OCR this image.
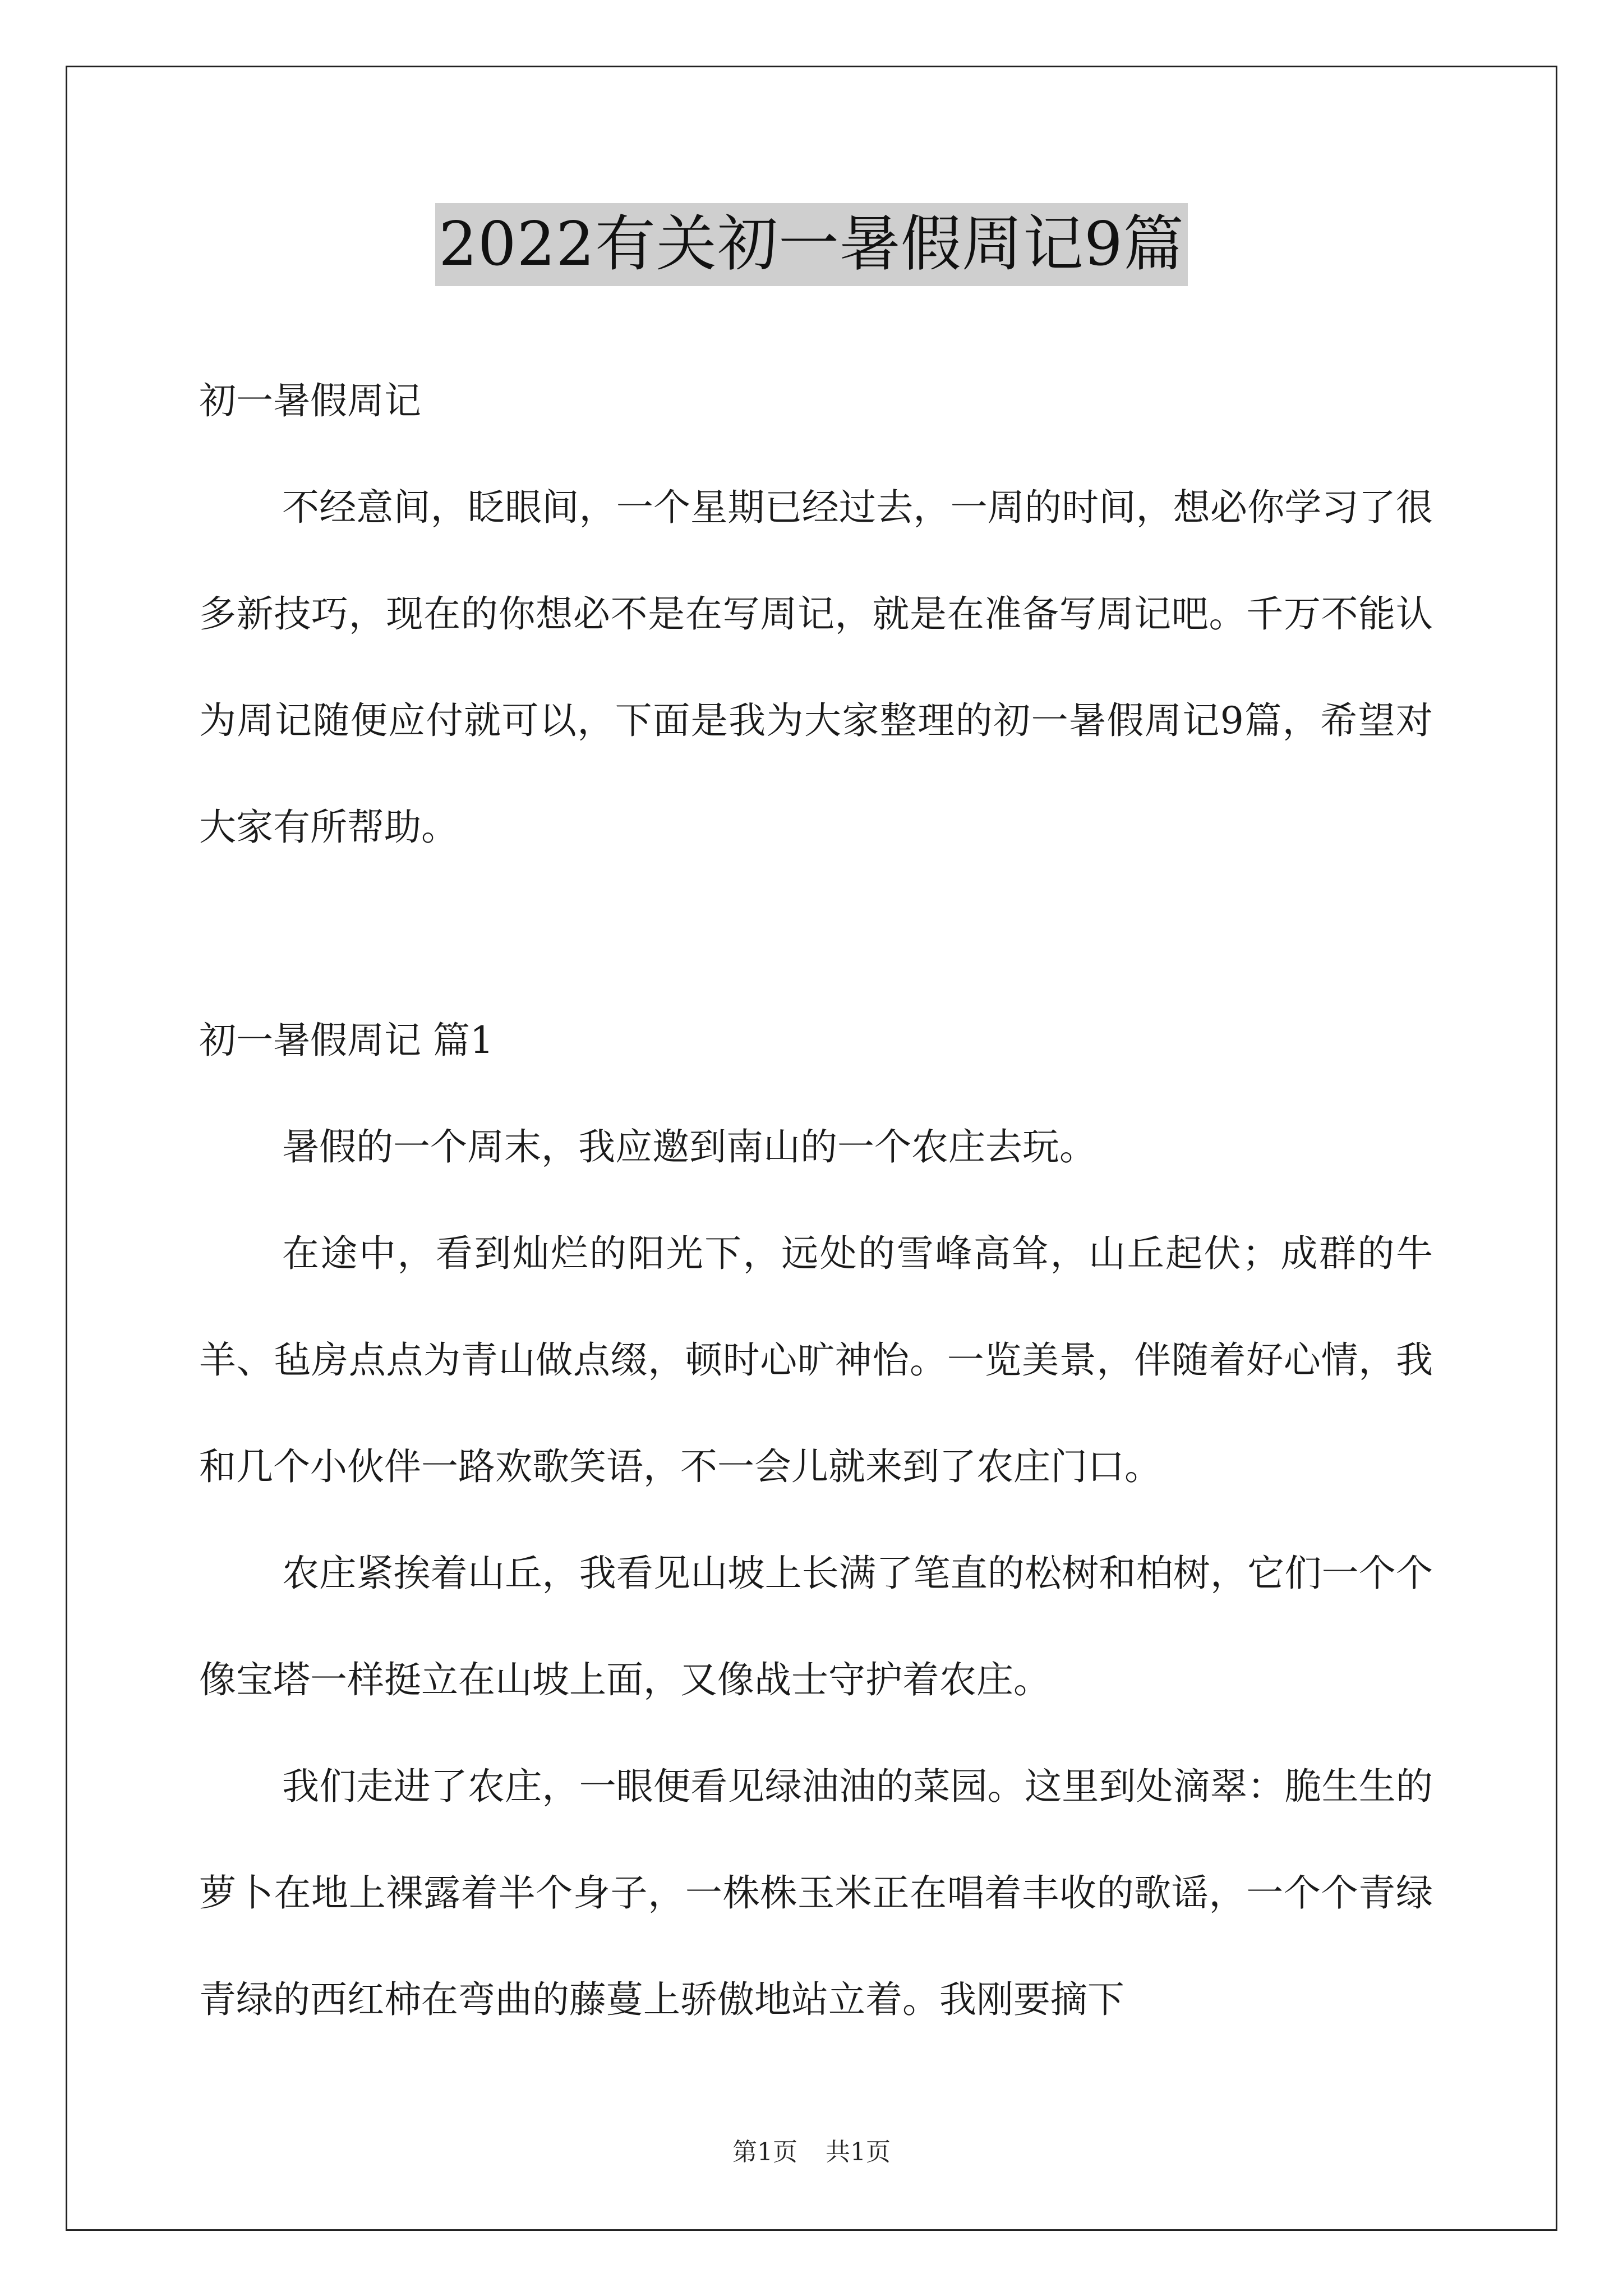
2022有关初一暑假周记9篇

初一暑假周记

不经意间，眨眼间，一个星期已经过去，一周的时间，想必你学习了很多新技巧，现在的你想必不是在写周记，就是在准备写周记吧。千万不能认为周记随便应付就可以，下面是我为大家整理的初一暑假周记9篇，希望对大家有所帮助。

初一暑假周记 篇1

暑假的一个周末，我应邀到南山的一个农庄去玩。

在途中，看到灿烂的阳光下，远处的雪峰高耸，山丘起伏；成群的牛羊、毡房点点为青山做点缀，顿时心旷神怡。一览美景，伴随着好心情，我和几个小伙伴一路欢歌笑语，不一会儿就来到了农庄门口。

农庄紧挨着山丘，我看见山坡上长满了笔直的松树和柏树，它们一个个像宝塔一样挺立在山坡上面，又像战士守护着农庄。

我们走进了农庄，一眼便看见绿油油的菜园。这里到处滴翠：脆生生的萝卜在地上裸露着半个身子，一株株玉米正在唱着丰收的歌谣，一个个青绿青绿的西红柿在弯曲的藤蔓上骄傲地站立着。我刚要摘下

第1页 共1页
